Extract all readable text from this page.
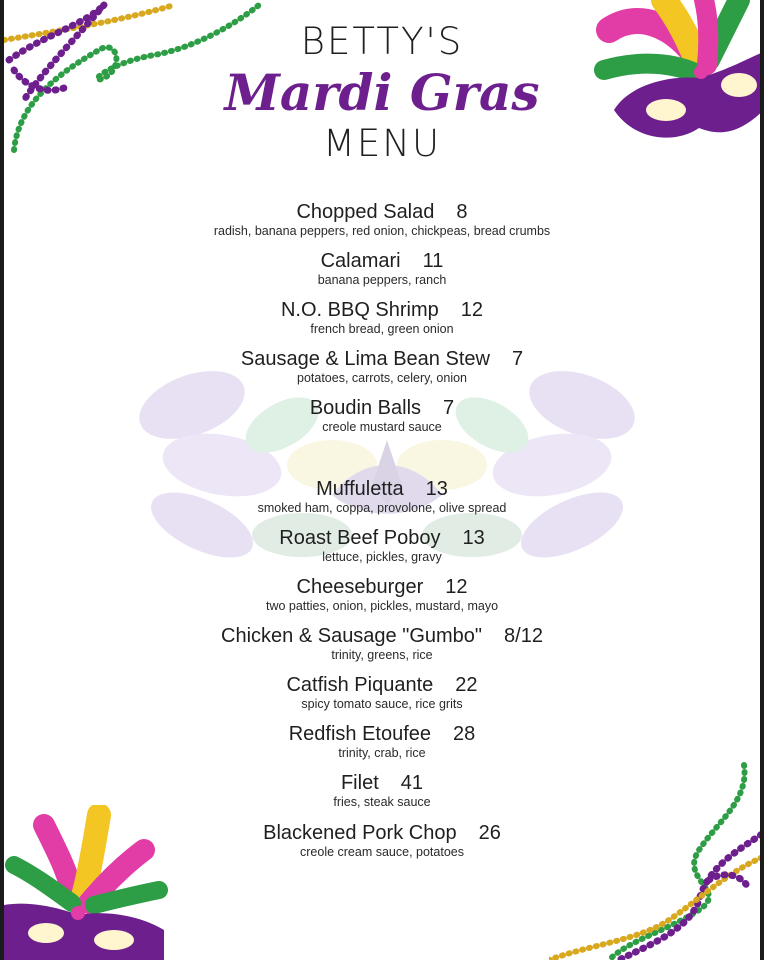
BETTY'S
Mardi Gras
MENU
Chopped Salad 8
radish, banana peppers, red onion, chickpeas, bread crumbs
Calamari 11
banana peppers, ranch
N.O. BBQ Shrimp 12
french bread, green onion
Sausage & Lima Bean Stew 7
potatoes, carrots, celery, onion
Boudin Balls 7
creole mustard sauce
Muffuletta 13
smoked ham, coppa, provolone, olive spread
Roast Beef Poboy 13
lettuce, pickles, gravy
Cheeseburger 12
two patties, onion, pickles, mustard, mayo
Chicken & Sausage "Gumbo" 8/12
trinity, greens, rice
Catfish Piquante 22
spicy tomato sauce, rice grits
Redfish Etoufee 28
trinity, crab, rice
Filet 41
fries, steak sauce
Blackened Pork Chop 26
creole cream sauce, potatoes
